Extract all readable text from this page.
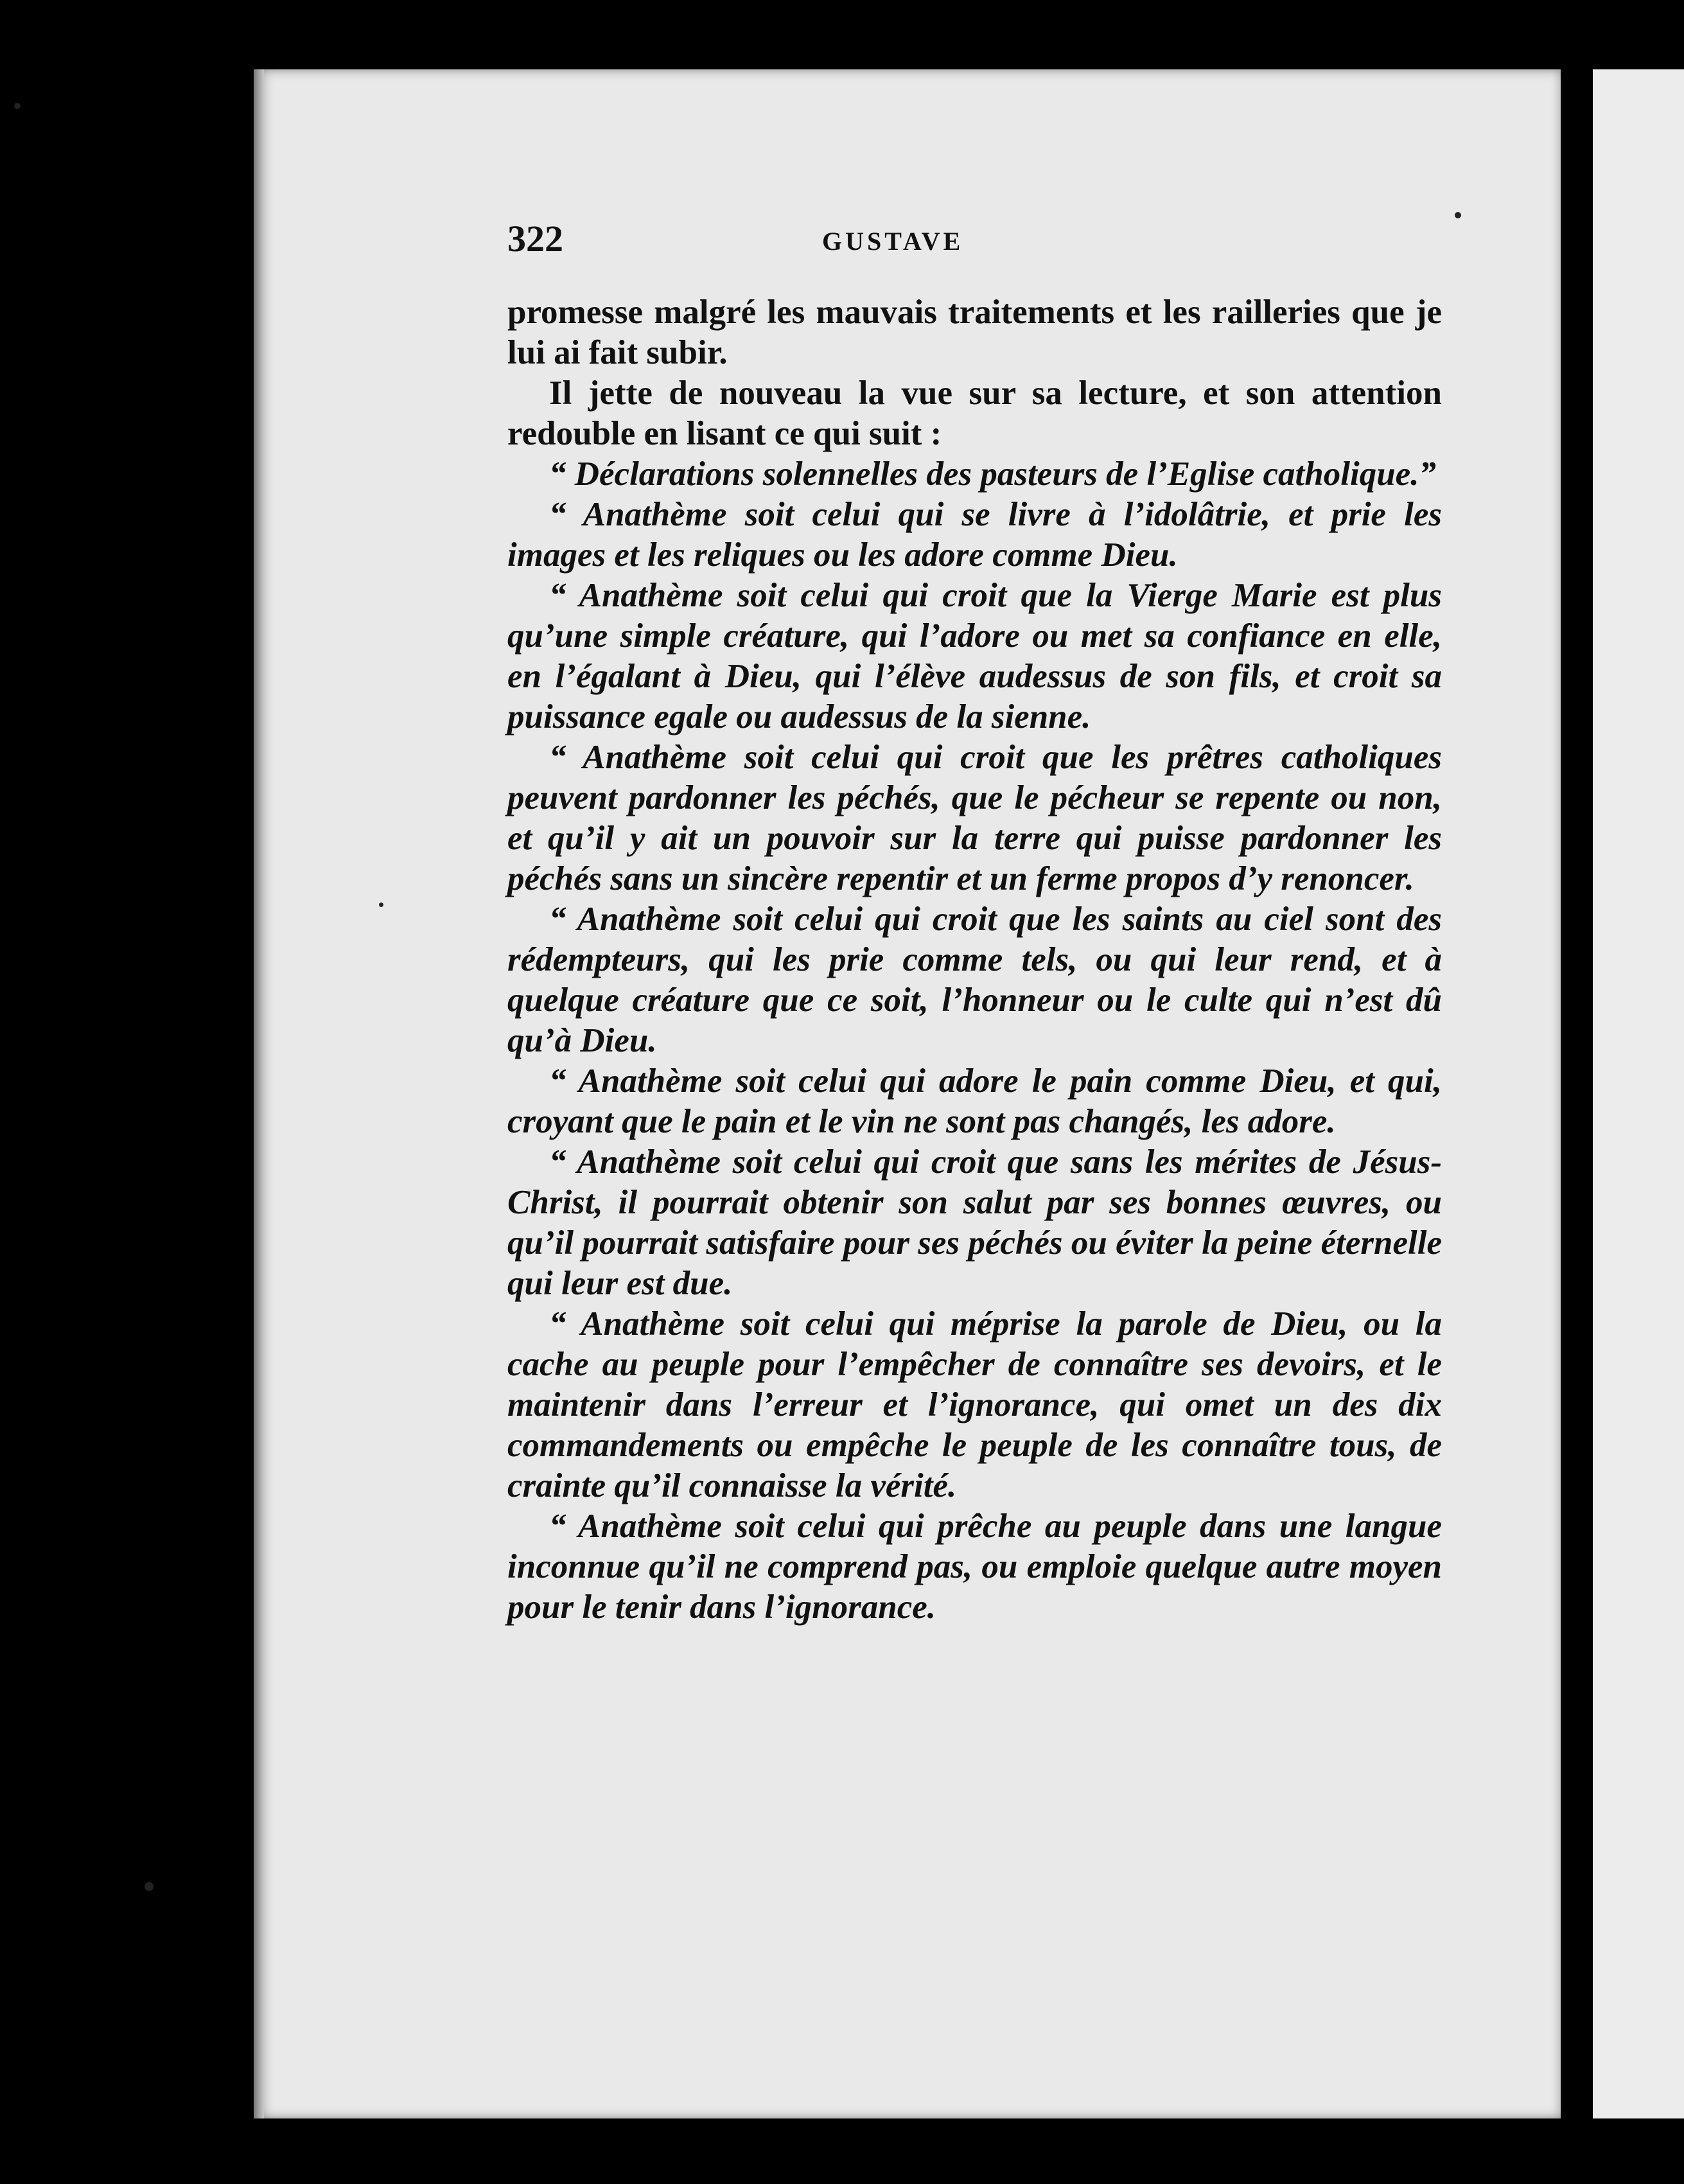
322	GUSTAVE

promesse malgré les mauvais traitements et les railleries que je lui ai fait subir.

Il jette de nouveau la vue sur sa lecture, et son attention redouble en lisant ce qui suit :

“ Déclarations solennelles des pasteurs de l’Eglise catholique.”

“ Anathème soit celui qui se livre à l’idolâtrie, et prie les images et les reliques ou les adore comme Dieu.

“ Anathème soit celui qui croit que la Vierge Marie est plus qu’une simple créature, qui l’adore ou met sa confiance en elle, en l’égalant à Dieu, qui l’élève audessus de son fils, et croit sa puissance egale ou audessus de la sienne.

“ Anathème soit celui qui croit que les prêtres catholiques peuvent pardonner les péchés, que le pécheur se repente ou non, et qu’il y ait un pouvoir sur la terre qui puisse pardonner les péchés sans un sincère repentir et un ferme propos d’y renoncer.

“ Anathème soit celui qui croit que les saints au ciel sont des rédempteurs, qui les prie comme tels, ou qui leur rend, et à quelque créature que ce soit, l’honneur ou le culte qui n’est dû qu’à Dieu.

“ Anathème soit celui qui adore le pain comme Dieu, et qui, croyant que le pain et le vin ne sont pas changés, les adore.

“ Anathème soit celui qui croit que sans les mérites de Jésus-Christ, il pourrait obtenir son salut par ses bonnes œuvres, ou qu’il pourrait satisfaire pour ses péchés ou éviter la peine éternelle qui leur est due.

“ Anathème soit celui qui méprise la parole de Dieu, ou la cache au peuple pour l’empêcher de connaître ses devoirs, et le maintenir dans l’erreur et l’ignorance, qui omet un des dix commandements ou empêche le peuple de les connaître tous, de crainte qu’il connaisse la vérité.

“ Anathème soit celui qui prêche au peuple dans une langue inconnue qu’il ne comprend pas, ou emploie quelque autre moyen pour le tenir dans l’ignorance.
